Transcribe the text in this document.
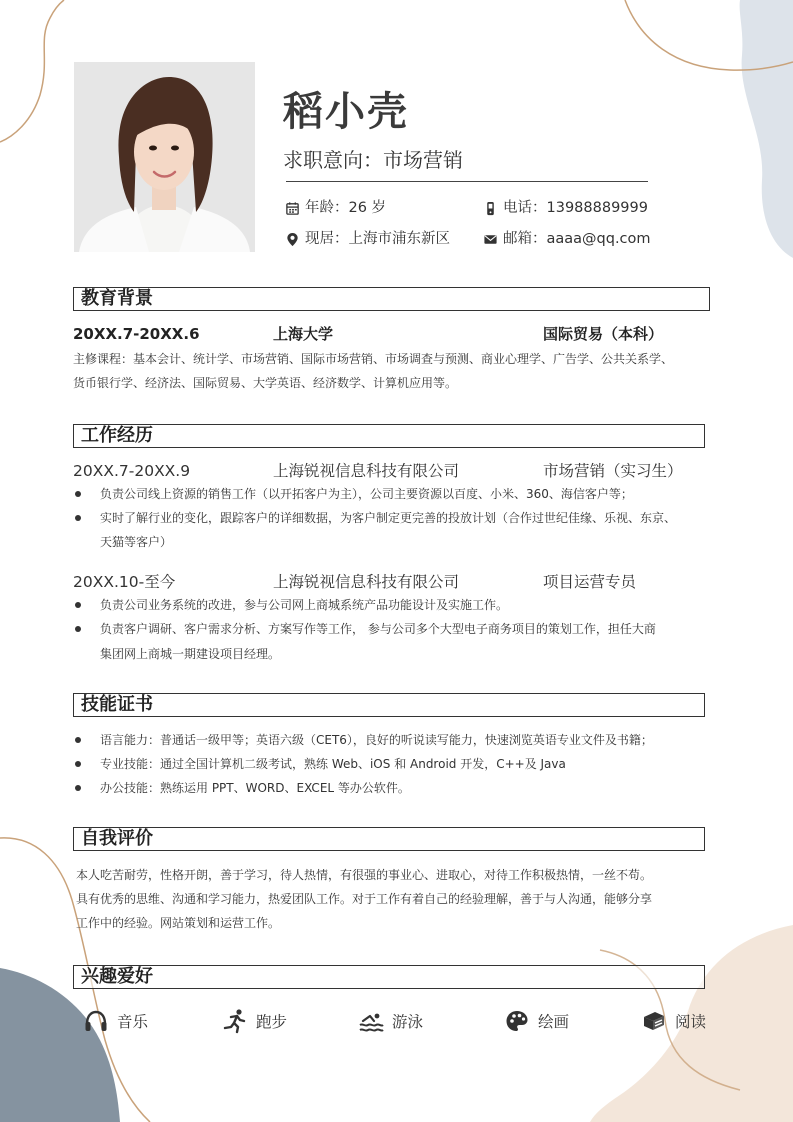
稻小壳
求职意向：市场营销
年龄：26 岁	电话：13988889999
现居：上海市浦东新区	邮箱：aaaa@qq.com
教育背景
20XX.7-20XX.6	上海大学	国际贸易（本科）
主修课程：基本会计、统计学、市场营销、国际市场营销、市场调查与预测、商业心理学、广告学、公共关系学、
货币银行学、经济法、国际贸易、大学英语、经济数学、计算机应用等。
工作经历
20XX.7-20XX.9	上海锐视信息科技有限公司	市场营销（实习生）
负责公司线上资源的销售工作（以开拓客户为主），公司主要资源以百度、小米、360、海信客户等；
实时了解行业的变化，跟踪客户的详细数据，为客户制定更完善的投放计划（合作过世纪佳缘、乐视、东京、
天猫等客户）
20XX.10-至今	上海锐视信息科技有限公司	项目运营专员
负责公司业务系统的改进，参与公司网上商城系统产品功能设计及实施工作。
负责客户调研、客户需求分析、方案写作等工作， 参与公司多个大型电子商务项目的策划工作，担任大商
集团网上商城一期建设项目经理。
技能证书
语言能力：普通话一级甲等；英语六级（CET6），良好的听说读写能力，快速浏览英语专业文件及书籍；
专业技能：通过全国计算机二级考试，熟练 Web、iOS 和 Android 开发，C++及 Java
办公技能：熟练运用 PPT、WORD、EXCEL 等办公软件。
自我评价
本人吃苦耐劳，性格开朗，善于学习，待人热情，有很强的事业心、进取心，对待工作积极热情，一丝不苟。
具有优秀的思维、沟通和学习能力，热爱团队工作。对于工作有着自己的经验理解，善于与人沟通，能够分享
工作中的经验。网站策划和运营工作。
兴趣爱好
音乐	跑步	游泳	绘画	阅读
